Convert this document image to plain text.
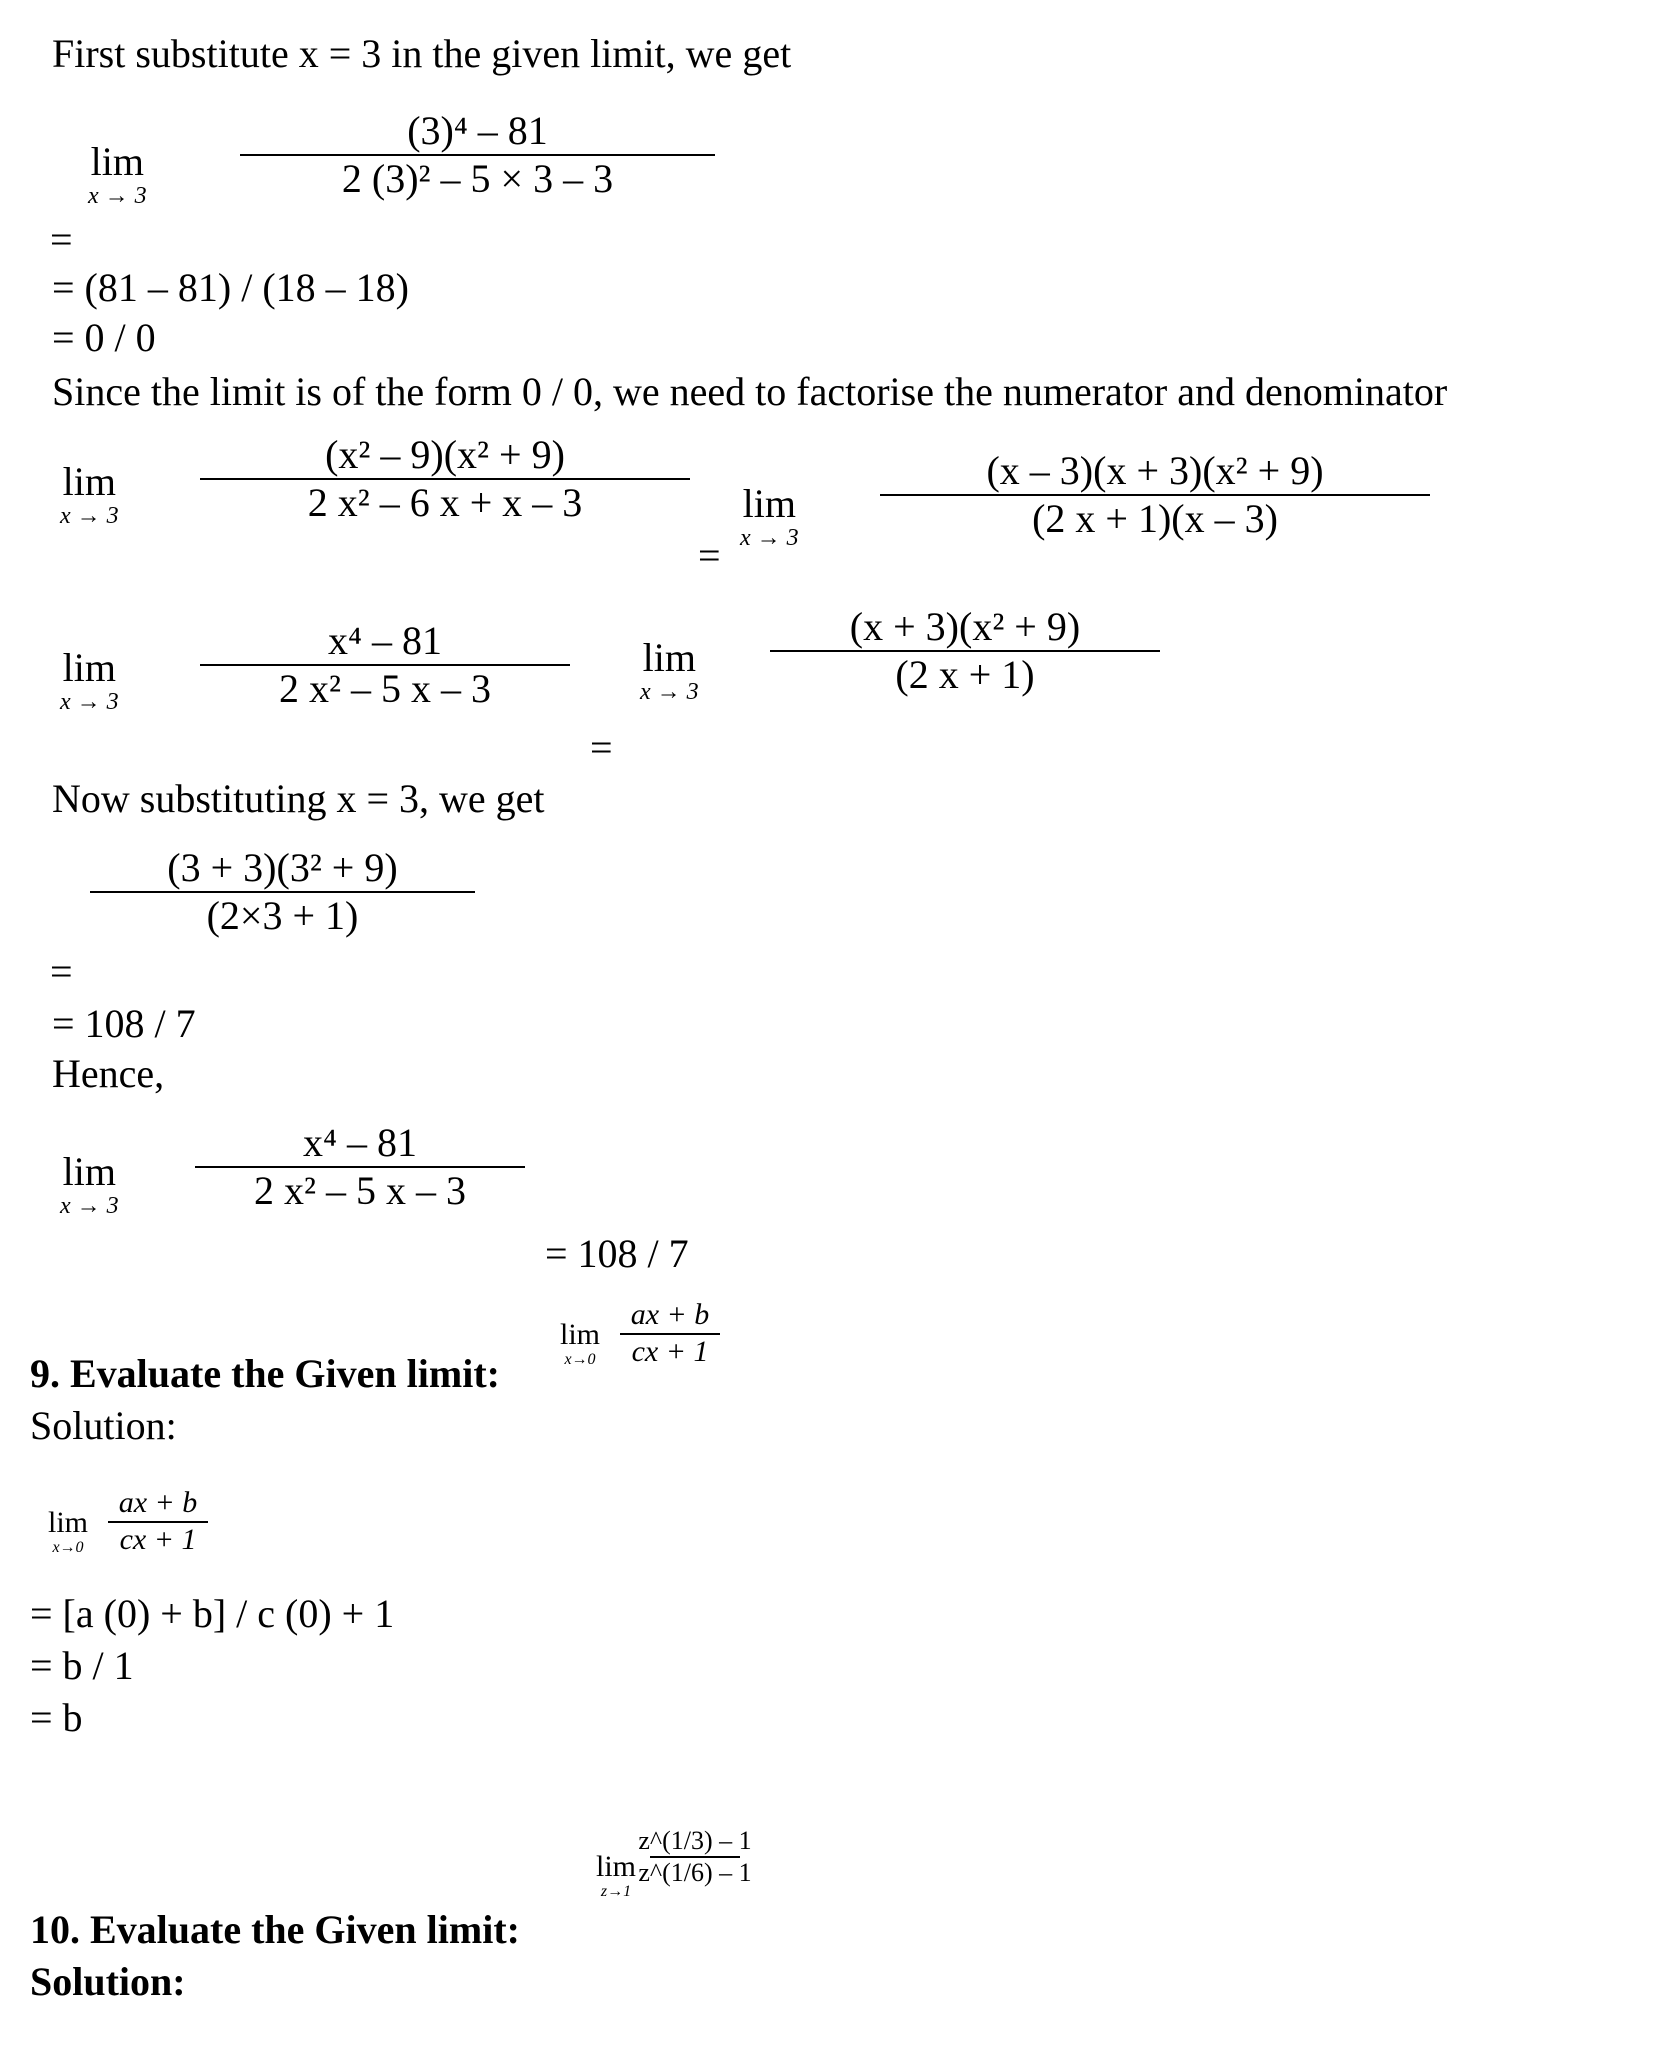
First substitute x = 3 in the given limit, we get
lim
x → 3
(3)⁴ – 81
2 (3)² – 5 × 3 – 3
=
= (81 – 81) / (18 – 18)
= 0 / 0
Since the limit is of the form 0 / 0, we need to factorise the numerator and denominator
lim
x → 3
(x² – 9)(x² + 9)
2 x² – 6 x + x – 3
=
lim
x → 3
(x – 3)(x + 3)(x² + 9)
(2 x + 1)(x – 3)
lim
x → 3
x⁴ – 81
2 x² – 5 x – 3
=
lim
x → 3
(x + 3)(x² + 9)
(2 x + 1)
Now substituting x = 3, we get
(3 + 3)(3² + 9)
(2×3 + 1)
=
= 108 / 7
Hence,
lim
x → 3
x⁴ – 81
2 x² – 5 x – 3
= 108 / 7
9. Evaluate the Given limit:
lim
x→0
ax + b
cx + 1
Solution:
lim
x→0
ax + b
cx + 1
= [a (0) + b] / c (0) + 1
= b / 1
= b
10. Evaluate the Given limit:
lim
z→1
z^(1/3) – 1
z^(1/6) – 1
Solution:
